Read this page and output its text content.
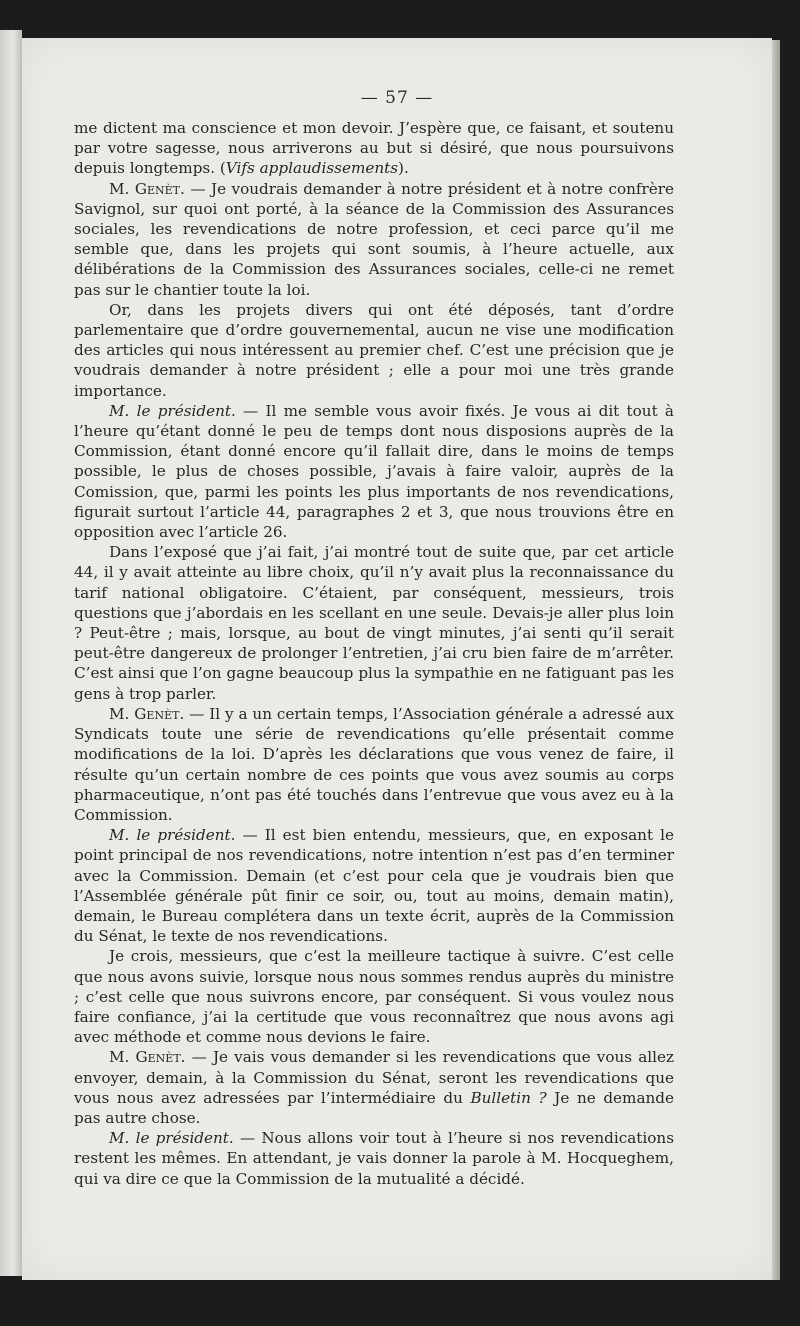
— 57 —

me dictent ma conscience et mon devoir. J’espère que, ce faisant, et soutenu par votre sagesse, nous arriverons au but si désiré, que nous poursuivons depuis longtemps. (Vifs applaudissements).

M. Genèt. — Je voudrais demander à notre président et à notre confrère Savignol, sur quoi ont porté, à la séance de la Commission des Assurances sociales, les revendications de notre profession, et ceci parce qu’il me semble que, dans les projets qui sont soumis, à l’heure actuelle, aux délibérations de la Commission des Assurances sociales, celle-ci ne remet pas sur le chantier toute la loi.

Or, dans les projets divers qui ont été déposés, tant d’ordre parlementaire que d’ordre gouvernemental, aucun ne vise une modification des articles qui nous intéressent au premier chef. C’est une précision que je voudrais demander à notre président ; elle a pour moi une très grande importance.

M. le président. — Il me semble vous avoir fixés. Je vous ai dit tout à l’heure qu’étant donné le peu de temps dont nous disposions auprès de la Commission, étant donné encore qu’il fallait dire, dans le moins de temps possible, le plus de choses possible, j’avais à faire valoir, auprès de la Comission, que, parmi les points les plus importants de nos revendications, figurait surtout l’article 44, paragraphes 2 et 3, que nous trouvions être en opposition avec l’article 26.

Dans l’exposé que j’ai fait, j’ai montré tout de suite que, par cet article 44, il y avait atteinte au libre choix, qu’il n’y avait plus la reconnaissance du tarif national obligatoire. C’étaient, par conséquent, messieurs, trois questions que j’abordais en les scellant en une seule. Devais-je aller plus loin ? Peut-être ; mais, lorsque, au bout de vingt minutes, j’ai senti qu’il serait peut-être dangereux de prolonger l’entretien, j’ai cru bien faire de m’arrêter. C’est ainsi que l’on gagne beaucoup plus la sympathie en ne fatiguant pas les gens à trop parler.

M. Genèt. — Il y a un certain temps, l’Association générale a adressé aux Syndicats toute une série de revendications qu’elle présentait comme modifications de la loi. D’après les déclarations que vous venez de faire, il résulte qu’un certain nombre de ces points que vous avez soumis au corps pharmaceutique, n’ont pas été touchés dans l’entrevue que vous avez eu à la Commission.

M. le président. — Il est bien entendu, messieurs, que, en exposant le point principal de nos revendications, notre intention n’est pas d’en terminer avec la Commission. Demain (et c’est pour cela que je voudrais bien que l’Assemblée générale pût finir ce soir, ou, tout au moins, demain matin), demain, le Bureau complétera dans un texte écrit, auprès de la Commission du Sénat, le texte de nos revendications.

Je crois, messieurs, que c’est la meilleure tactique à suivre. C’est celle que nous avons suivie, lorsque nous nous sommes rendus auprès du ministre ; c’est celle que nous suivrons encore, par conséquent. Si vous voulez nous faire confiance, j’ai la certitude que vous reconnaîtrez que nous avons agi avec méthode et comme nous devions le faire.

M. Genèt. — Je vais vous demander si les revendications que vous allez envoyer, demain, à la Commission du Sénat, seront les revendications que vous nous avez adressées par l’intermédiaire du Bulletin ? Je ne demande pas autre chose.

M. le président. — Nous allons voir tout à l’heure si nos revendications restent les mêmes. En attendant, je vais donner la parole à M. Hocqueghem, qui va dire ce que la Commission de la mutualité a décidé.
